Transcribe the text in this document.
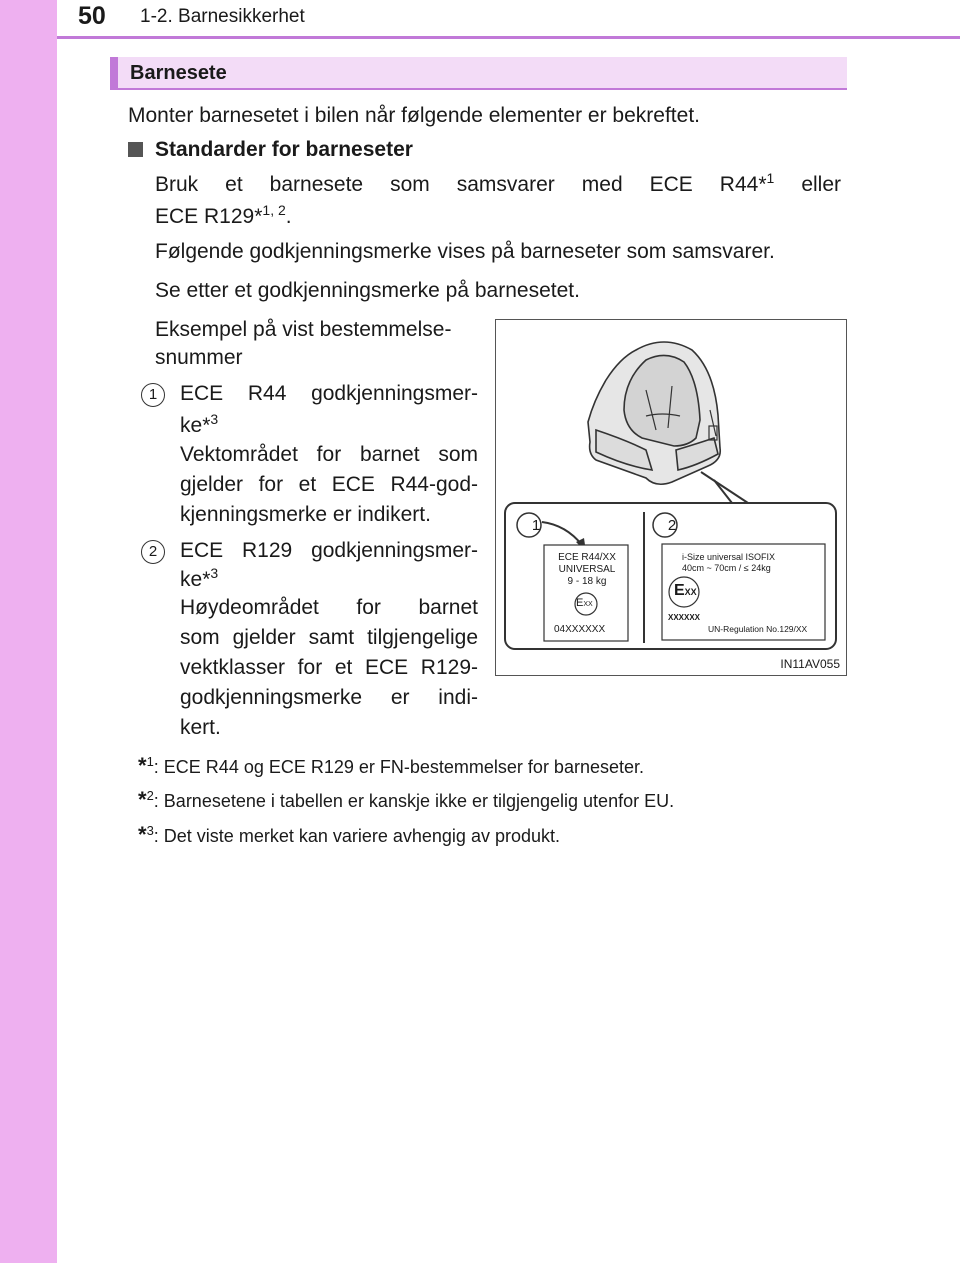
50 1-2. Barnesikkerhet
Barnesete
Monter barnesetet i bilen når følgende elementer er bekreftet.
Standarder for barneseter
Bruk et barnesete som samsvarer med ECE R44*$^1$ eller
ECE R129*$^{1, 2}$.
Følgende godkjenningsmerke vises på barneseter som samsvarer.
Se etter et godkjenningsmerke på barnesetet.
Eksempel på vist bestemmelse-
snummer
1	ECE R44 godkjenningsmer-
ke*$^3$
Vektområdet for barnet som
gjelder for et ECE R44-god-
kjenningsmerke er indikert.
2	ECE R129 godkjenningsmer-
ke*$^3$
Høydeområdet for barnet
som gjelder samt tilgjengelige
vektklasser for et ECE R129-
godkjenningsmerke er indi-
kert.
1	2
ECE R44/XX
UNIVERSAL
9 - 18 kg
EXX
04XXXXXX
i-Size universal ISOFIX
40cm ~ 70cm / ≤ 24kg
EXX
XXXXXX
UN-Regulation No.129/XX
IN11AV055
*$^1$: ECE R44 og ECE R129 er FN-bestemmelser for barneseter.
*$^2$: Barnesetene i tabellen er kanskje ikke er tilgjengelig utenfor EU.
*$^3$: Det viste merket kan variere avhengig av produkt.
